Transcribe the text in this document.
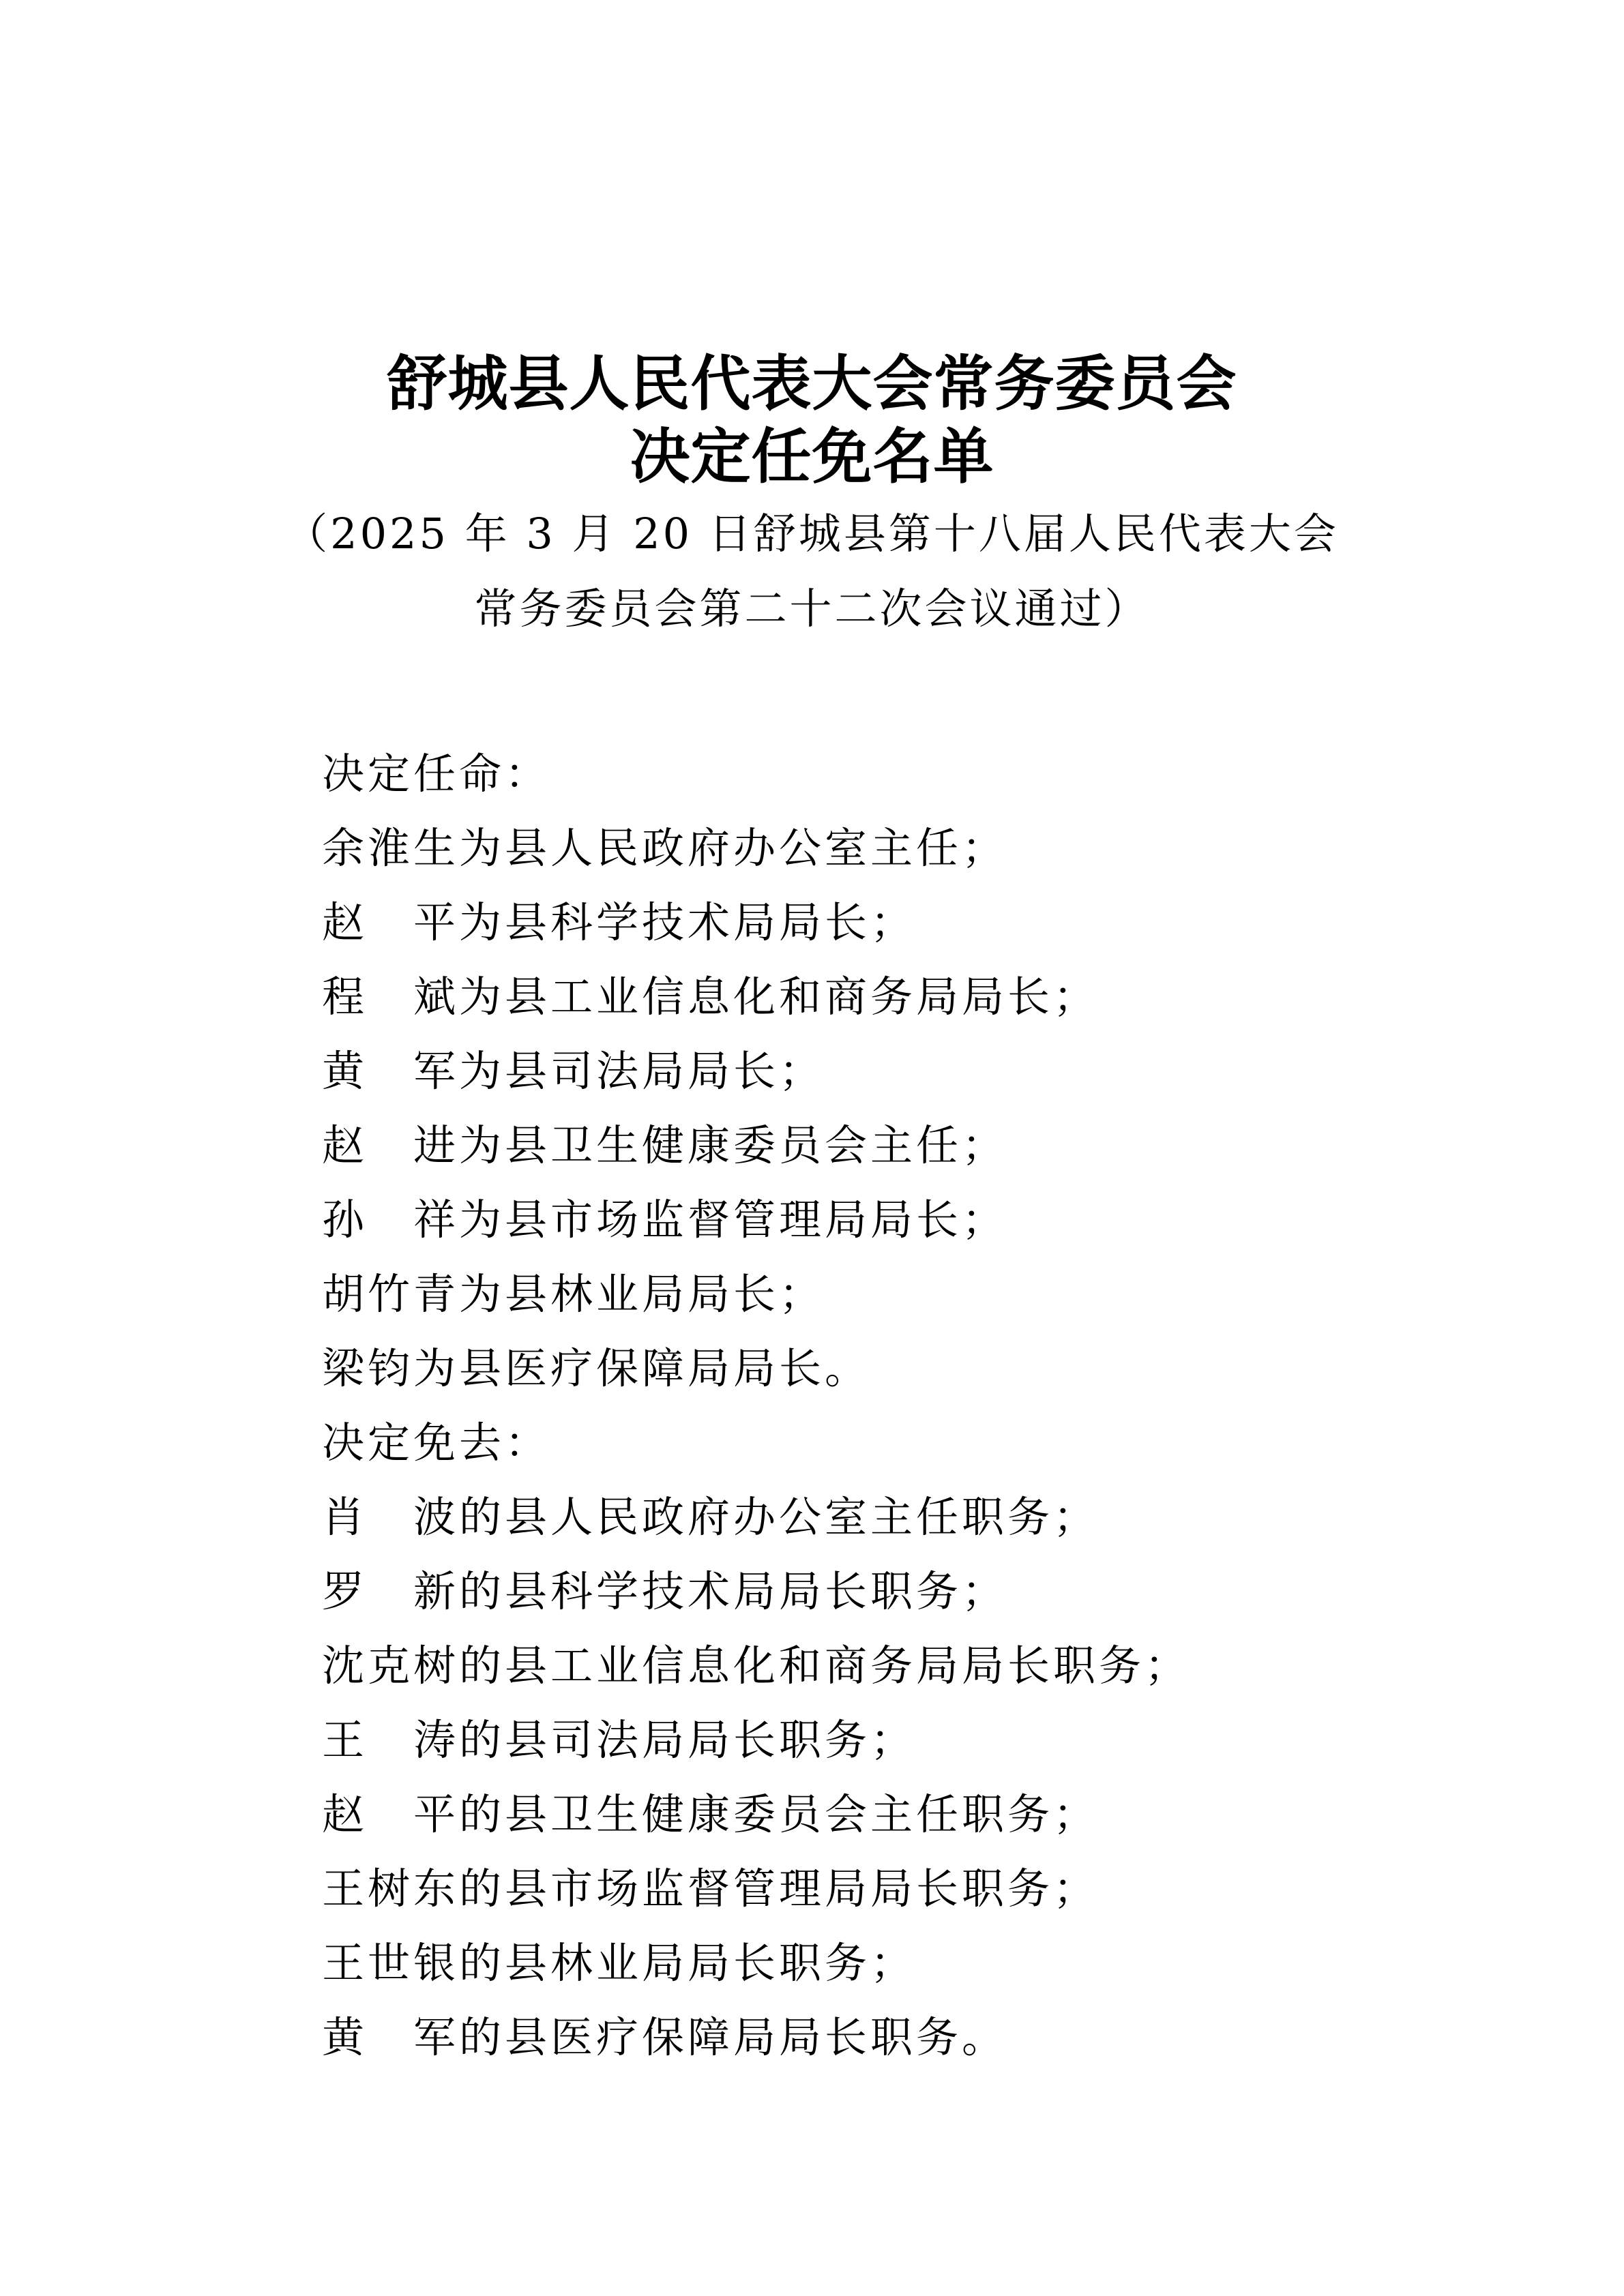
舒城县人民代表大会常务委员会
决定任免名单
（2025 年 3 月 20 日舒城县第十八届人民代表大会
常务委员会第二十二次会议通过）
决定任命：
余淮生为县人民政府办公室主任；
赵　平为县科学技术局局长；
程　斌为县工业信息化和商务局局长；
黄　军为县司法局局长；
赵　进为县卫生健康委员会主任；
孙　祥为县市场监督管理局局长；
胡竹青为县林业局局长；
梁钧为县医疗保障局局长。
决定免去：
肖　波的县人民政府办公室主任职务；
罗　新的县科学技术局局长职务；
沈克树的县工业信息化和商务局局长职务；
王　涛的县司法局局长职务；
赵　平的县卫生健康委员会主任职务；
王树东的县市场监督管理局局长职务；
王世银的县林业局局长职务；
黄　军的县医疗保障局局长职务。
